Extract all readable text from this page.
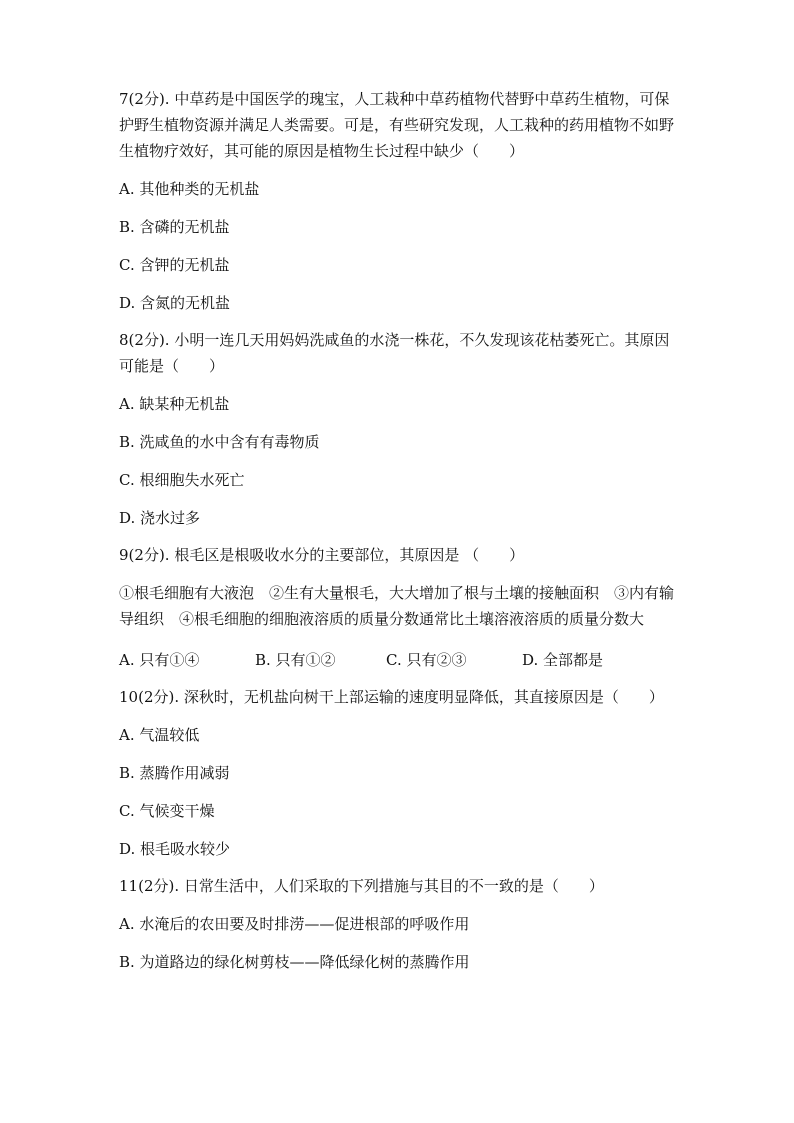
7(2分). 中草药是中国医学的瑰宝，人工栽种中草药植物代替野中草药生植物，可保护野生植物资源并满足人类需要。可是，有些研究发现，人工栽种的药用植物不如野生植物疗效好，其可能的原因是植物生长过程中缺少（　　）

A. 其他种类的无机盐

B. 含磷的无机盐

C. 含钾的无机盐

D. 含氮的无机盐

8(2分). 小明一连几天用妈妈洗咸鱼的水浇一株花，不久发现该花枯萎死亡。其原因可能是（　　）

A. 缺某种无机盐

B. 洗咸鱼的水中含有有毒物质

C. 根细胞失水死亡

D. 浇水过多

9(2分). 根毛区是根吸收水分的主要部位，其原因是 （　　）

①根毛细胞有大液泡　②生有大量根毛，大大增加了根与土壤的接触面积　③内有输导组织　④根毛细胞的细胞液溶质的质量分数通常比土壤溶液溶质的质量分数大

A. 只有①④	B. 只有①②	C. 只有②③	D. 全部都是

10(2分). 深秋时，无机盐向树干上部运输的速度明显降低，其直接原因是（　　）

A. 气温较低

B. 蒸腾作用减弱

C. 气候变干燥

D. 根毛吸水较少

11(2分). 日常生活中，人们采取的下列措施与其目的不一致的是（　　）

A. 水淹后的农田要及时排涝——促进根部的呼吸作用

B. 为道路边的绿化树剪枝——降低绿化树的蒸腾作用
